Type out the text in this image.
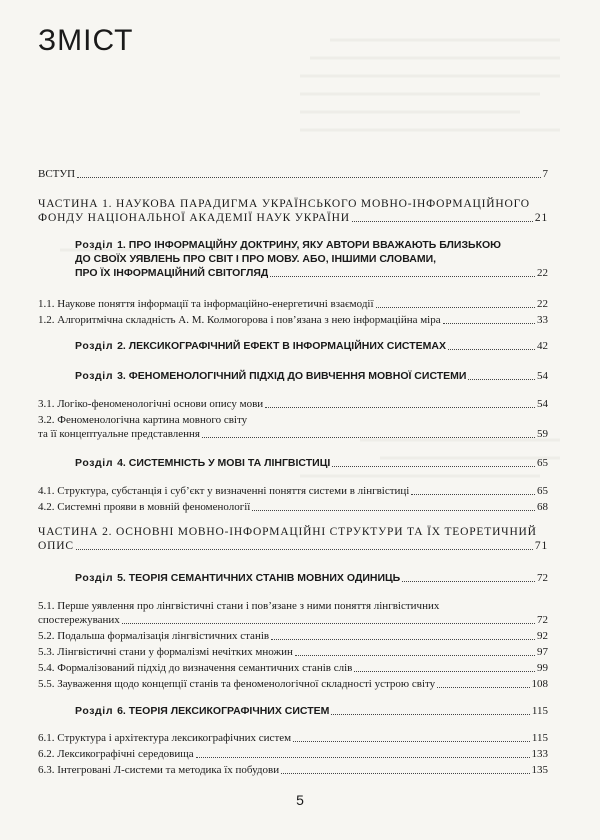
ЗМІСТ
ВСТУП	7
ЧАСТИНА 1. НАУКОВА ПАРАДИГМА УКРАЇНСЬКОГО МОВНО-ІНФОРМАЦІЙНОГО
ФОНДУ НАЦІОНАЛЬНОЇ АКАДЕМІЇ НАУК УКРАЇНИ	21
Розділ 1. ПРО ІНФОРМАЦІЙНУ ДОКТРИНУ, ЯКУ АВТОРИ ВВАЖАЮТЬ БЛИЗЬКОЮ
ДО СВОЇХ УЯВЛЕНЬ ПРО СВІТ І ПРО МОВУ. АБО, ІНШИМИ СЛОВАМИ,
ПРО ЇХ ІНФОРМАЦІЙНИЙ СВІТОГЛЯД	22
1.1. Наукове поняття інформації та інформаційно-енергетичні взаємодії	22
1.2. Алгоритмічна складність А. М. Колмогорова і пов’язана з нею інформаційна міра	33
Розділ 2. ЛЕКСИКОГРАФІЧНИЙ ЕФЕКТ В ІНФОРМАЦІЙНИХ СИСТЕМАХ	42
Розділ 3. ФЕНОМЕНОЛОГІЧНИЙ ПІДХІД ДО ВИВЧЕННЯ МОВНОЇ СИСТЕМИ	54
3.1. Логіко-феноменологічні основи опису мови	54
3.2. Феноменологічна картина мовного світу
та її концептуальне представлення	59
Розділ 4. СИСТЕМНІСТЬ У МОВІ ТА ЛІНГВІСТИЦІ	65
4.1. Структура, субстанція і суб’єкт у визначенні поняття системи в лінгвістиці	65
4.2. Системні прояви в мовній феноменології	68
ЧАСТИНА 2. ОСНОВНІ МОВНО-ІНФОРМАЦІЙНІ СТРУКТУРИ ТА ЇХ ТЕОРЕТИЧНИЙ
ОПИС	71
Розділ 5. ТЕОРІЯ СЕМАНТИЧНИХ СТАНІВ МОВНИХ ОДИНИЦЬ	72
5.1. Перше уявлення про лінгвістичні стани і пов’язане з ними поняття лінгвістичних
спостережуваних	72
5.2. Подальша формалізація лінгвістичних станів	92
5.3. Лінгвістичні стани у формалізмі нечітких множин	97
5.4. Формалізований підхід до визначення семантичних станів слів	99
5.5. Зауваження щодо концепції станів та феноменологічної складності устрою світу	108
Розділ 6. ТЕОРІЯ ЛЕКСИКОГРАФІЧНИХ СИСТЕМ	115
6.1. Структура і архітектура лексикографічних систем	115
6.2. Лексикографічні середовища	133
6.3. Інтегровані Л-системи та методика їх побудови	135
5
